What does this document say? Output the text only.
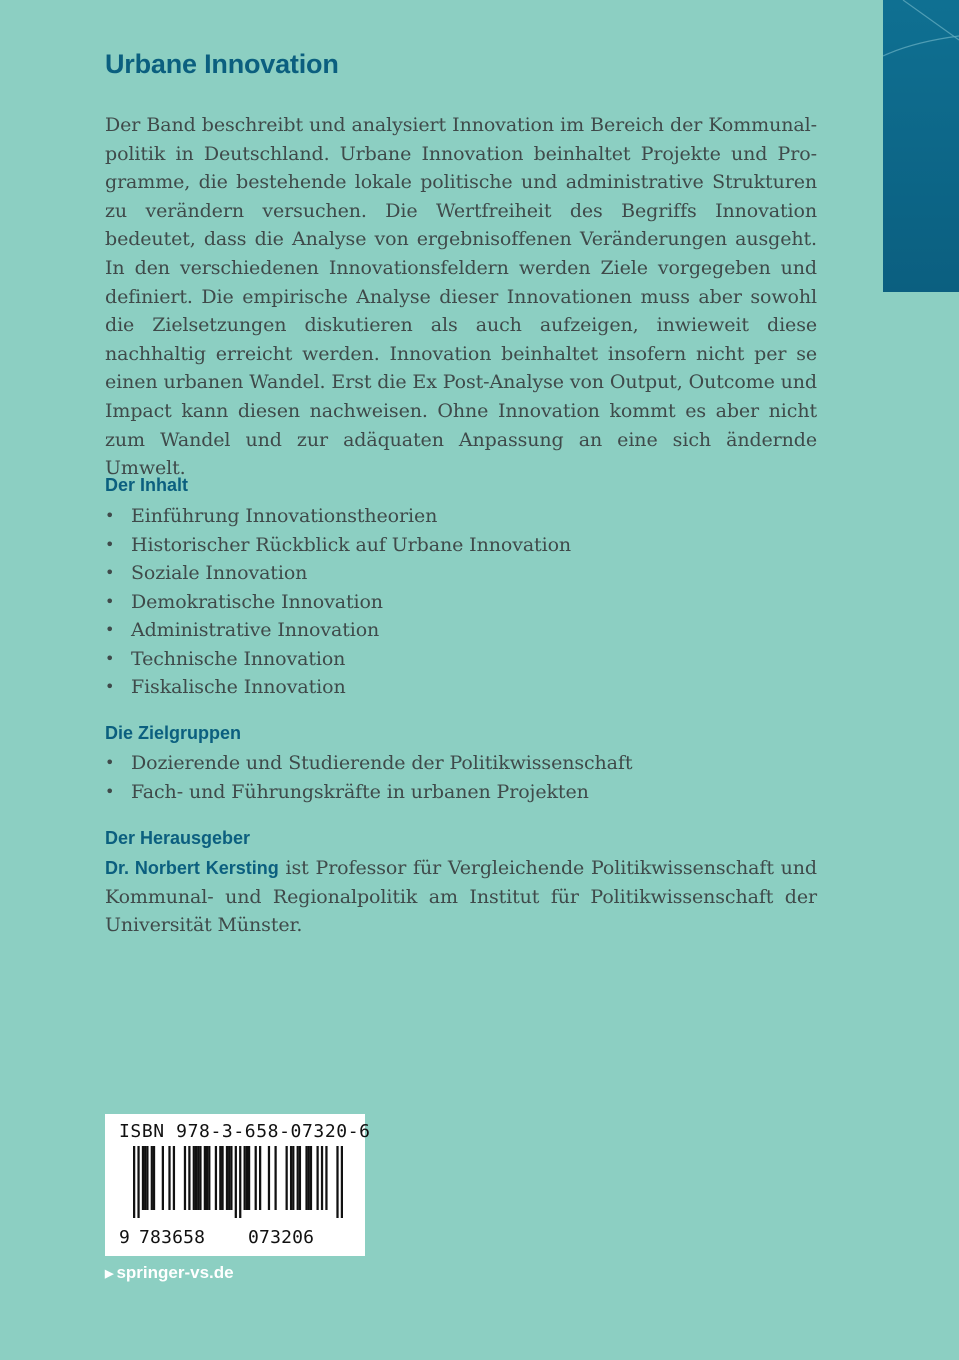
Urbane Innovation

Der Band beschreibt und analysiert Innovation im Bereich der Kommunalpolitik in Deutschland. Urbane Innovation beinhaltet Projekte und Programme, die bestehende lokale politische und administrative Strukturen zu verändern versuchen. Die Wertfreiheit des Begriffs Innovation bedeutet, dass die Analyse von ergebnisoffenen Veränderungen ausgeht. In den verschiedenen Innovationsfeldern werden Ziele vorgegeben und definiert. Die empirische Analyse dieser Innovationen muss aber sowohl die Zielsetzungen diskutieren als auch aufzeigen, inwieweit diese nachhaltig erreicht werden. Innovation beinhaltet insofern nicht per se einen urbanen Wandel. Erst die Ex Post-Analyse von Output, Outcome und Impact kann diesen nachweisen. Ohne Innovation kommt es aber nicht zum Wandel und zur adäquaten Anpassung an eine sich ändernde Umwelt.

Der Inhalt
• Einführung Innovationstheorien
• Historischer Rückblick auf Urbane Innovation
• Soziale Innovation
• Demokratische Innovation
• Administrative Innovation
• Technische Innovation
• Fiskalische Innovation
Die Zielgruppen
• Dozierende und Studierende der Politikwissenschaft
• Fach- und Führungskräfte in urbanen Projekten
Der Herausgeber

Dr. Norbert Kersting ist Professor für Vergleichende Politikwissenschaft und Kommunal- und Regionalpolitik am Institut für Politikwissenschaft der Universität Münster.

ISBN 978-3-658-07320-6
9 783658 073206
▶ springer-vs.de
